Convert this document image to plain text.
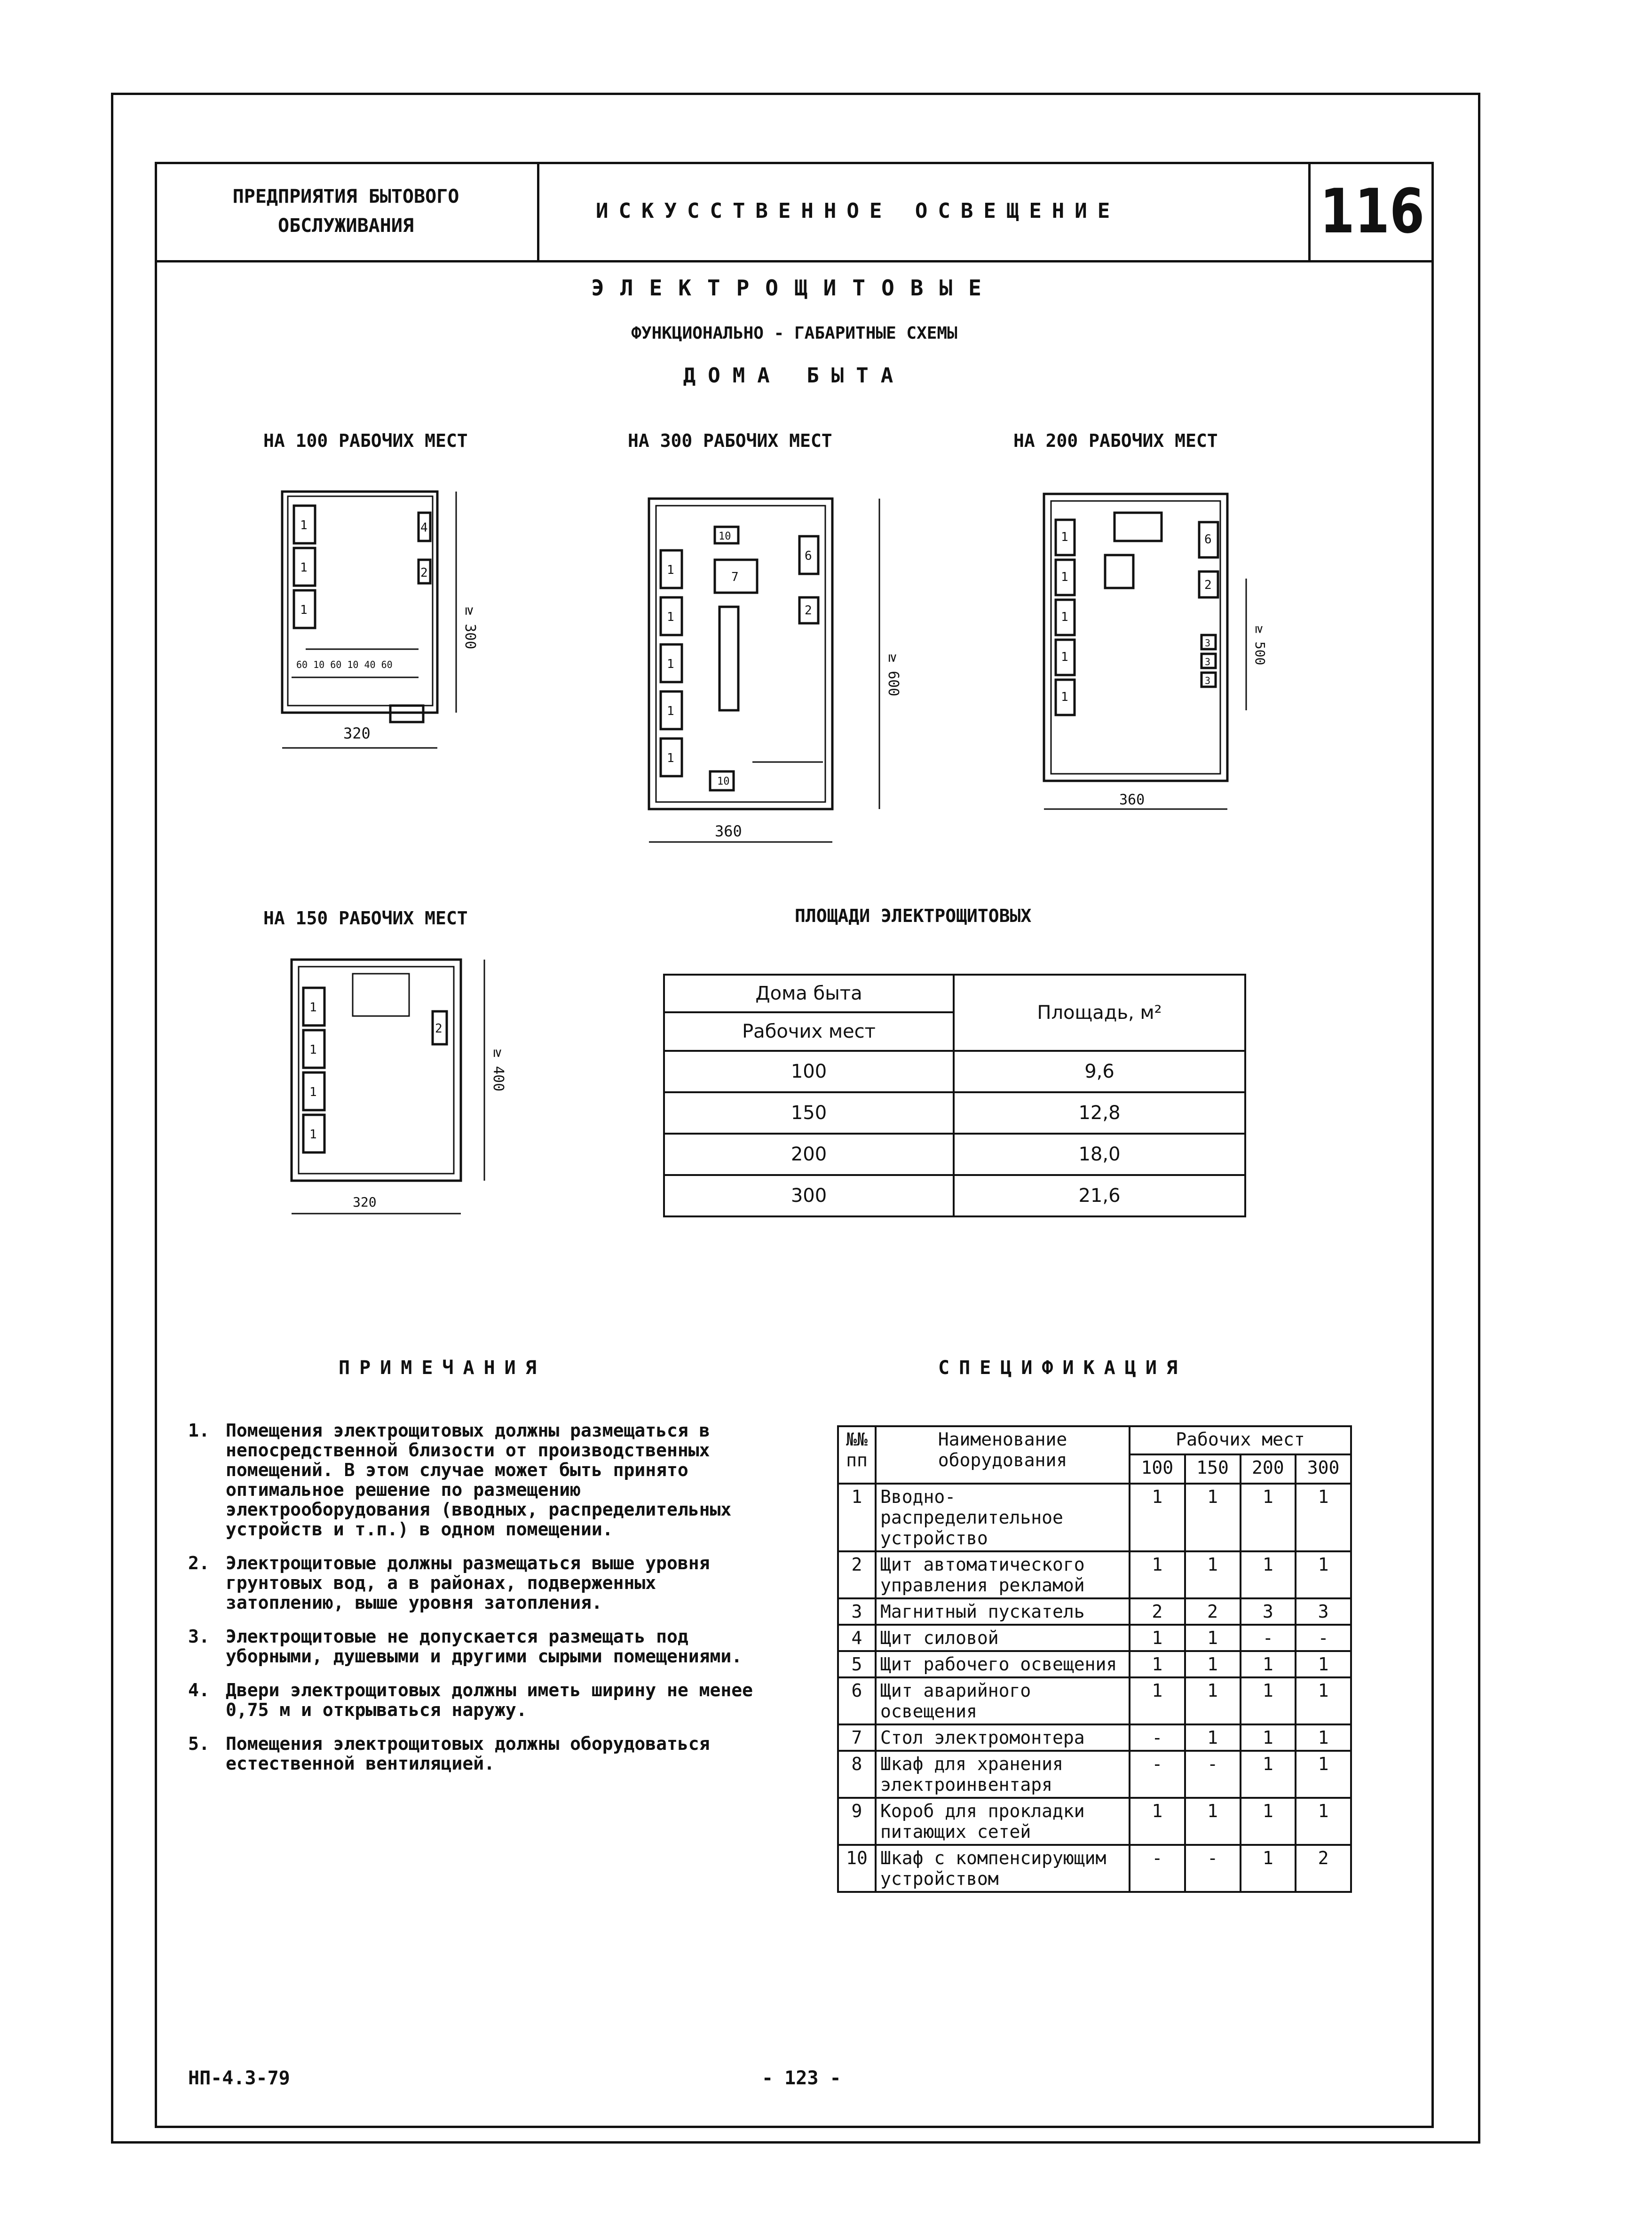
ПРЕДПРИЯТИЯ БЫТОВОГО
ОБСЛУЖИВАНИЯ
ИСКУССТВЕННОЕ ОСВЕЩЕНИЕ	116
ЭЛЕКТРОЩИТОВЫЕ
ФУНКЦИОНАЛЬНО - ГАБАРИТНЫЕ СХЕМЫ
ДОМА БЫТА
НА 100 РАБОЧИХ МЕСТ	НА 300 РАБОЧИХ МЕСТ	НА 200 РАБОЧИХ МЕСТ
НА 150 РАБОЧИХ МЕСТ
1
1
1
4
2
60 10 60 10 40 60
≥ 300
320
1
1
1
1
1
10
7
6
2
10
≥ 600
360
1
1
1
1
1
6
2
3
3
3
≥ 500
360
1
1
1
1
2
≥ 400
320
ПЛОЩАДИ ЭЛЕКТРОЩИТОВЫХ
Дома быта	Площадь, м²
Рабочих мест	
100	9,6
150	12,8
200	18,0
300	21,6
ПРИМЕЧАНИЯ
1. Помещения электрощитовых должны размещаться в непосредственной близости от производственных помещений. В этом случае может быть принято оптимальное решение по размещению электрооборудования (вводных, распределительных устройств и т.п.) в одном помещении.
2. Электрощитовые должны размещаться выше уровня грунтовых вод, а в районах, подверженных затоплению, выше уровня затопления.
3. Электрощитовые не допускается размещать под уборными, душевыми и другими сырыми помещениями.
4. Двери электрощитовых должны иметь ширину не менее 0,75 м и открываться наружу.
5. Помещения электрощитовых должны оборудоваться естественной вентиляцией.
СПЕЦИФИКАЦИЯ
№№ пп	Наименование оборудования	Рабочих мест			
		100	150	200	300
1	Вводно-распределительное устройство	1	1	1	1
2	Щит автоматического управления рекламой	1	1	1	1
3	Магнитный пускатель	2	2	3	3
4	Щит силовой	1	1	-	-
5	Щит рабочего освещения	1	1	1	1
6	Щит аварийного освещения	1	1	1	1
7	Стол электромонтера	-	1	1	1
8	Шкаф для хранения электроинвентаря	-	-	1	1
9	Короб для прокладки питающих сетей	1	1	1	1
10	Шкаф с компенсирующим устройством	-	-	1	2
НП-4.3-79	- 123 -
